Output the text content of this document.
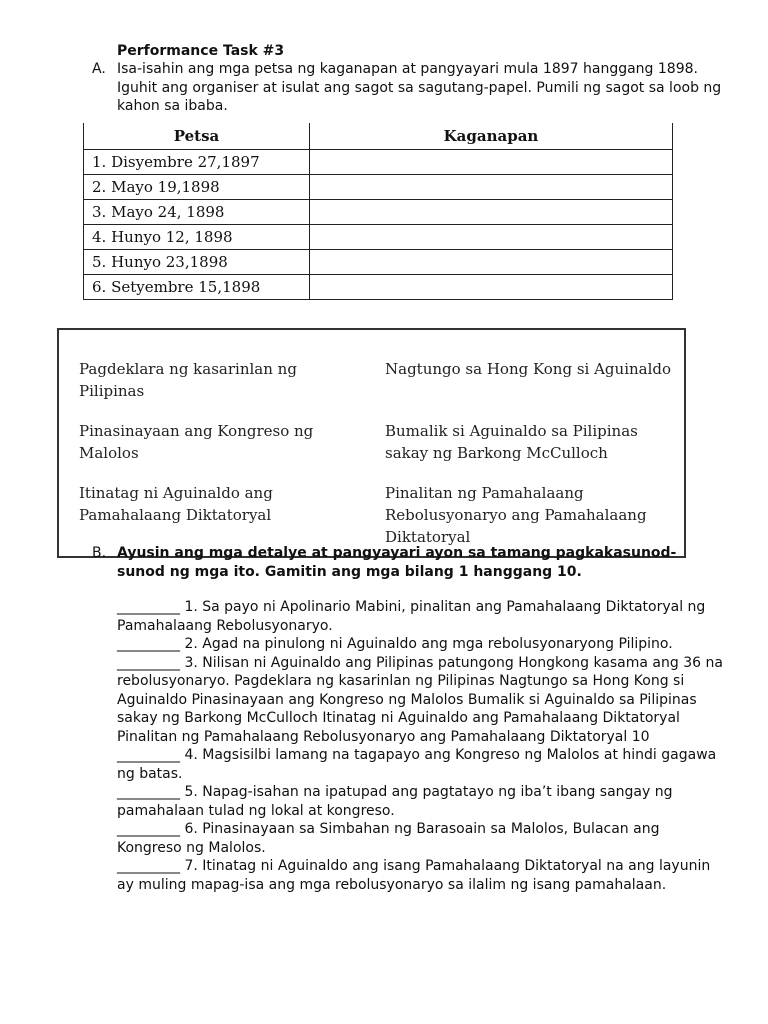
Performance Task #3
A. Isa-isahin ang mga petsa ng kaganapan at pangyayari mula 1897 hanggang 1898. Iguhit ang organiser at isulat ang sagot sa sagutang-papel. Pumili ng sagot sa loob ng kahon sa ibaba.
Petsa	Kaganapan
1. Disyembre 27,1897	
2. Mayo 19,1898	
3. Mayo 24, 1898	
4. Hunyo 12, 1898	
5. Hunyo 23,1898	
6. Setyembre 15,1898	
Pagdeklara ng kasarinlan ng Pilipinas
Nagtungo sa Hong Kong si Aguinaldo
Pinasinayaan ang Kongreso ng Malolos
Bumalik si Aguinaldo sa Pilipinas sakay ng Barkong McCulloch
Itinatag ni Aguinaldo ang Pamahalaang Diktatoryal
Pinalitan ng Pamahalaang Rebolusyonaryo ang Pamahalaang Diktatoryal
B. Ayusin ang mga detalye at pangyayari ayon sa tamang pagkakasunod-sunod ng mga ito. Gamitin ang mga bilang 1 hanggang 10.
_________ 1. Sa payo ni Apolinario Mabini, pinalitan ang Pamahalaang Diktatoryal ng Pamahalaang Rebolusyonaryo.
_________ 2. Agad na pinulong ni Aguinaldo ang mga rebolusyonaryong Pilipino.
_________ 3. Nilisan ni Aguinaldo ang Pilipinas patungong Hongkong kasama ang 36 na rebolusyonaryo. Pagdeklara ng kasarinlan ng Pilipinas Nagtungo sa Hong Kong si Aguinaldo Pinasinayaan ang Kongreso ng Malolos Bumalik si Aguinaldo sa Pilipinas sakay ng Barkong McCulloch Itinatag ni Aguinaldo ang Pamahalaang Diktatoryal Pinalitan ng Pamahalaang Rebolusyonaryo ang Pamahalaang Diktatoryal 10
_________ 4. Magsisilbi lamang na tagapayo ang Kongreso ng Malolos at hindi gagawa ng batas.
_________ 5. Napag-isahan na ipatupad ang pagtatayo ng iba’t ibang sangay ng pamahalaan tulad ng lokal at kongreso.
_________ 6. Pinasinayaan sa Simbahan ng Barasoain sa Malolos, Bulacan ang Kongreso ng Malolos.
_________ 7. Itinatag ni Aguinaldo ang isang Pamahalaang Diktatoryal na ang layunin ay muling mapag-isa ang mga rebolusyonaryo sa ilalim ng isang pamahalaan.
